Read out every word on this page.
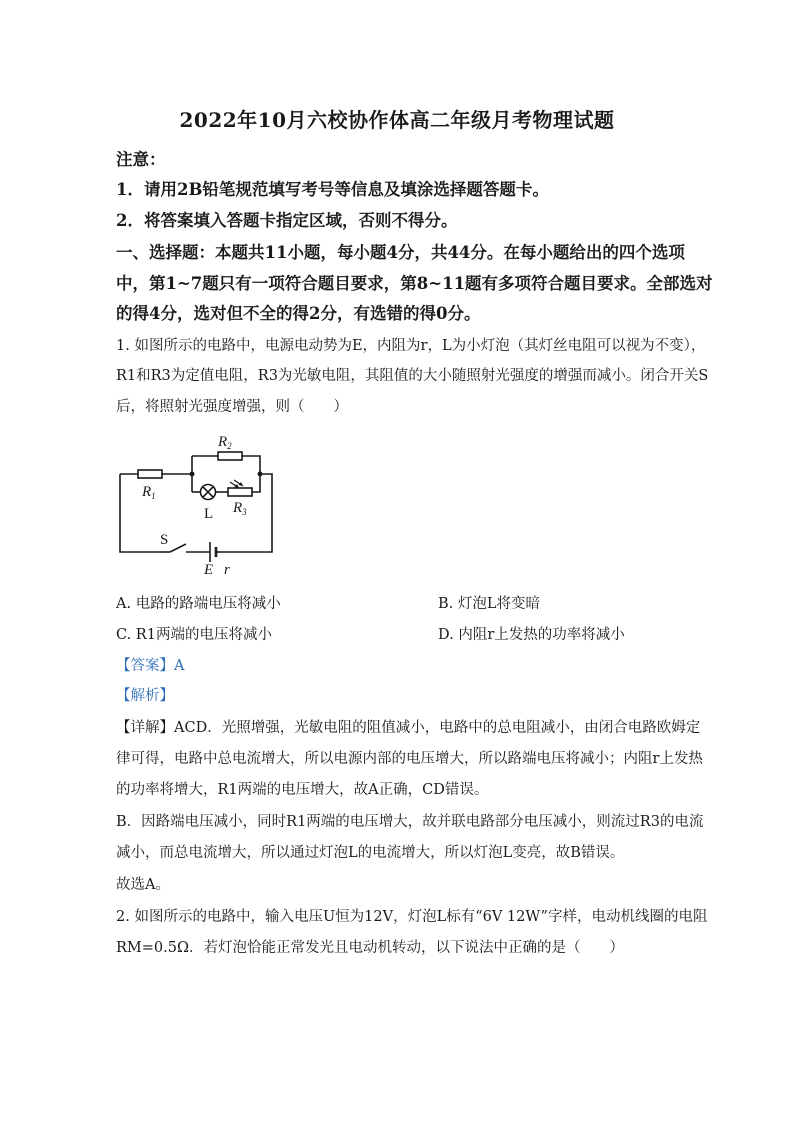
2022年10月六校协作体高二年级月考物理试题
注意：
1．请用2B铅笔规范填写考号等信息及填涂选择题答题卡。
2．将答案填入答题卡指定区域，否则不得分。
一、选择题：本题共11小题，每小题4分，共44分。在每小题给出的四个选项
中，第1~7题只有一项符合题目要求，第8~11题有多项符合题目要求。全部选对
的得4分，选对但不全的得2分，有选错的得0分。
1. 如图所示的电路中，电源电动势为E，内阻为r，L为小灯泡（其灯丝电阻可以视为不变），
R1和R3为定值电阻，R3为光敏电阻，其阻值的大小随照射光强度的增强而减小。闭合开关S
后，将照射光强度增强，则（　　）
$R_2$
$R_1$
$R_3$
L
S
E r
A. 电路的路端电压将减小	B. 灯泡L将变暗
C. R1两端的电压将减小	D. 内阻r上发热的功率将减小
【答案】A
【解析】
【详解】ACD．光照增强，光敏电阻的阻值减小，电路中的总电阻减小，由闭合电路欧姆定
律可得，电路中总电流增大，所以电源内部的电压增大，所以路端电压将减小；内阻r上发热
的功率将增大，R1两端的电压增大，故A正确，CD错误。
B．因路端电压减小，同时R1两端的电压增大，故并联电路部分电压减小，则流过R3的电流
减小，而总电流增大，所以通过灯泡L的电流增大，所以灯泡L变亮，故B错误。
故选A。
2. 如图所示的电路中，输入电压U恒为12V，灯泡L标有“6V 12W”字样，电动机线圈的电阻
RM=0.5Ω．若灯泡恰能正常发光且电动机转动，以下说法中正确的是（　　）
